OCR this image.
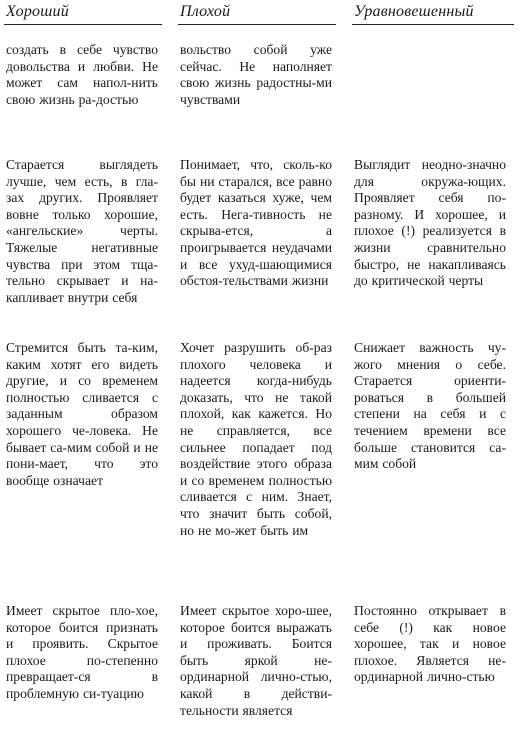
Хороший	Плохой	Уравновешенный
создать в себе чувство довольства и любви. Не может сам напол-нить свою жизнь ра-достью
вольство собой уже сейчас. Не наполняет свою жизнь радостны-ми чувствами
Старается выглядеть лучше, чем есть, в гла-зах других. Проявляет вовне только хорошие, «ангельские» черты. Тяжелые негативные чувства при этом тща-тельно скрывает и на-капливает внутри себя
Понимает, что, сколь-ко бы ни старался, все равно будет казаться хуже, чем есть. Нега-тивность не скрыва-ется, а проигрывается неудачами и все ухуд-шающимися обстоя-тельствами жизни
Выглядит неодно-значно для окружа-ющих. Проявляет себя по-разному. И хорошее, и плохое (!) реализуется в жизни сравнительно быстро, не накапливаясь до критической черты
Стремится быть та-ким, каким хотят его видеть другие, и со временем полностью сливается с заданным образом хорошего че-ловека. Не бывает са-мим собой и не пони-мает, что это вообще означает
Хочет разрушить об-раз плохого человека и надеется когда-нибудь доказать, что не такой плохой, как кажется. Но не справляется, все сильнее попадает под воздействие этого образа и со временем полностью сливается с ним. Знает, что значит быть собой, но не мо-жет быть им
Снижает важность чу-жого мнения о себе. Старается ориенти-роваться в большей степени на себя и с течением времени все больше становится са-мим собой
Имеет скрытое пло-хое, которое боится признать и проявить. Скрытое плохое по-степенно превращает-ся в проблемную си-туацию
Имеет скрытое хоро-шее, которое боится выражать и проживать. Боится быть яркой не-ординарной лично-стью, какой в действи-тельности является
Постоянно открывает в себе (!) как новое хорошее, так и новое плохое. Является не-ординарной лично-стью
